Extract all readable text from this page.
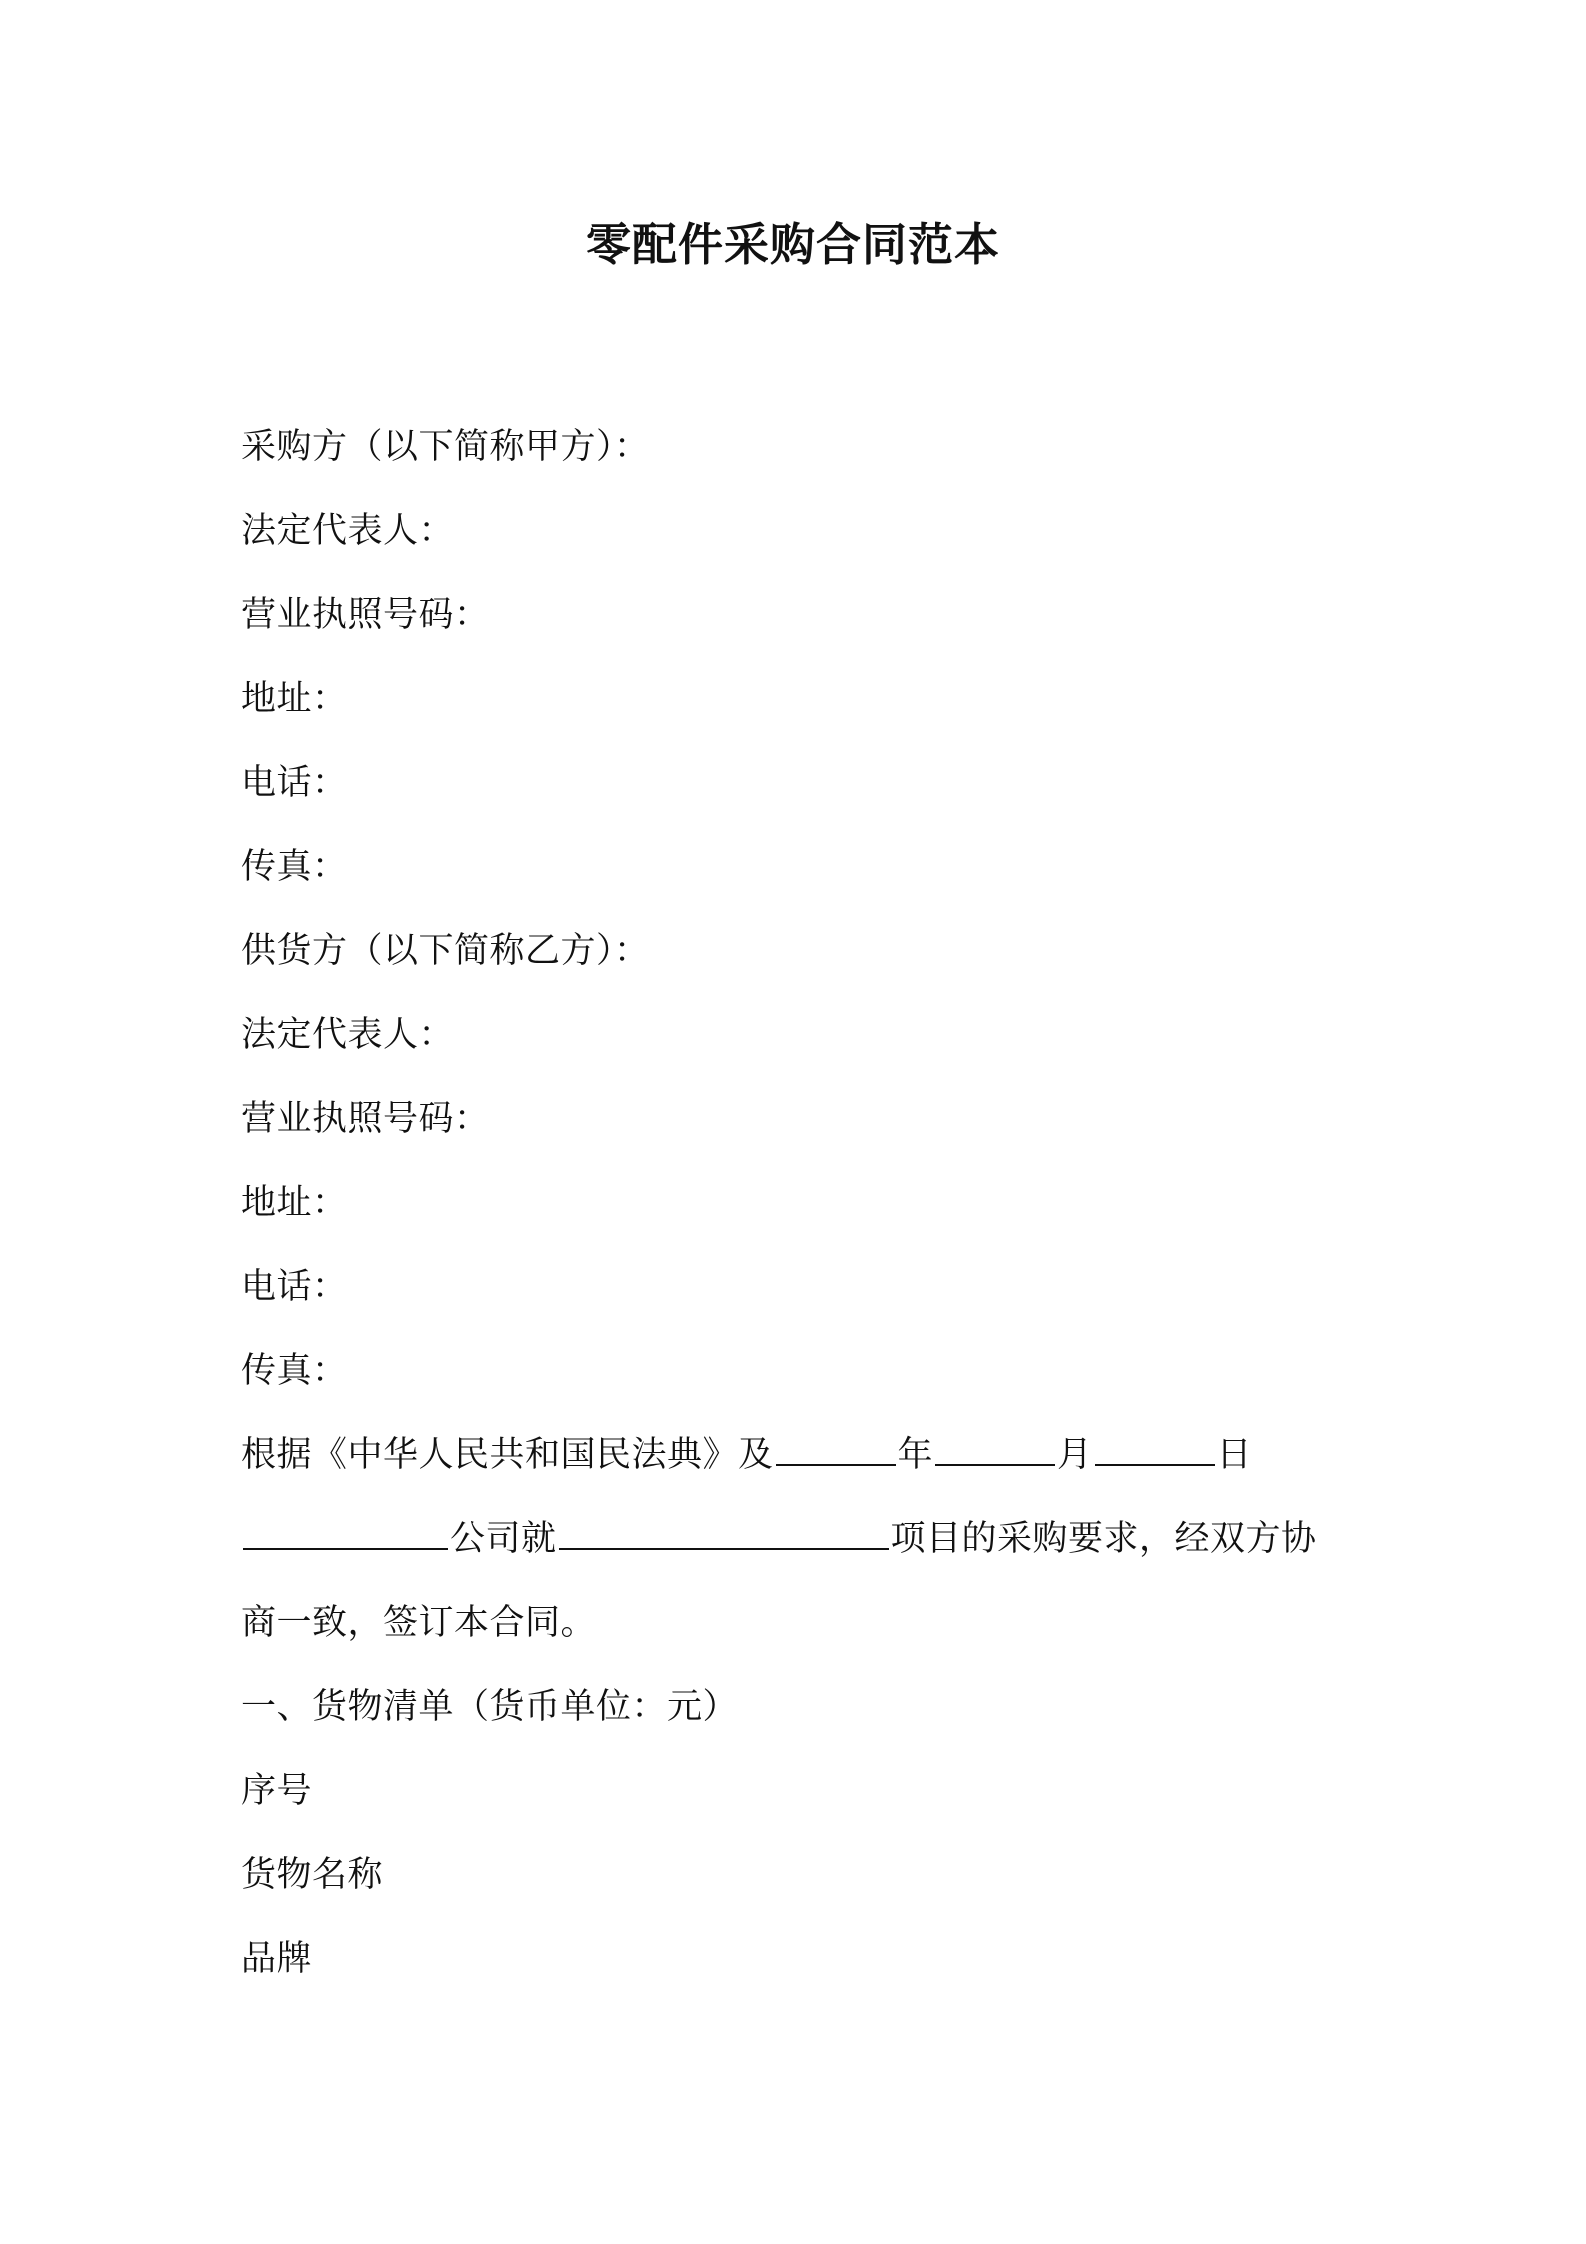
零配件采购合同范本
采购方（以下简称甲方）：
法定代表人：
营业执照号码：
地址：
电话：
传真：
供货方（以下简称乙方）：
法定代表人：
营业执照号码：
地址：
电话：
传真：
根据《中华人民共和国民法典》及	年	月	日
公司就	项目的采购要求，经双方协
商一致，签订本合同。
一、货物清单（货币单位：元）
序号
货物名称
品牌
